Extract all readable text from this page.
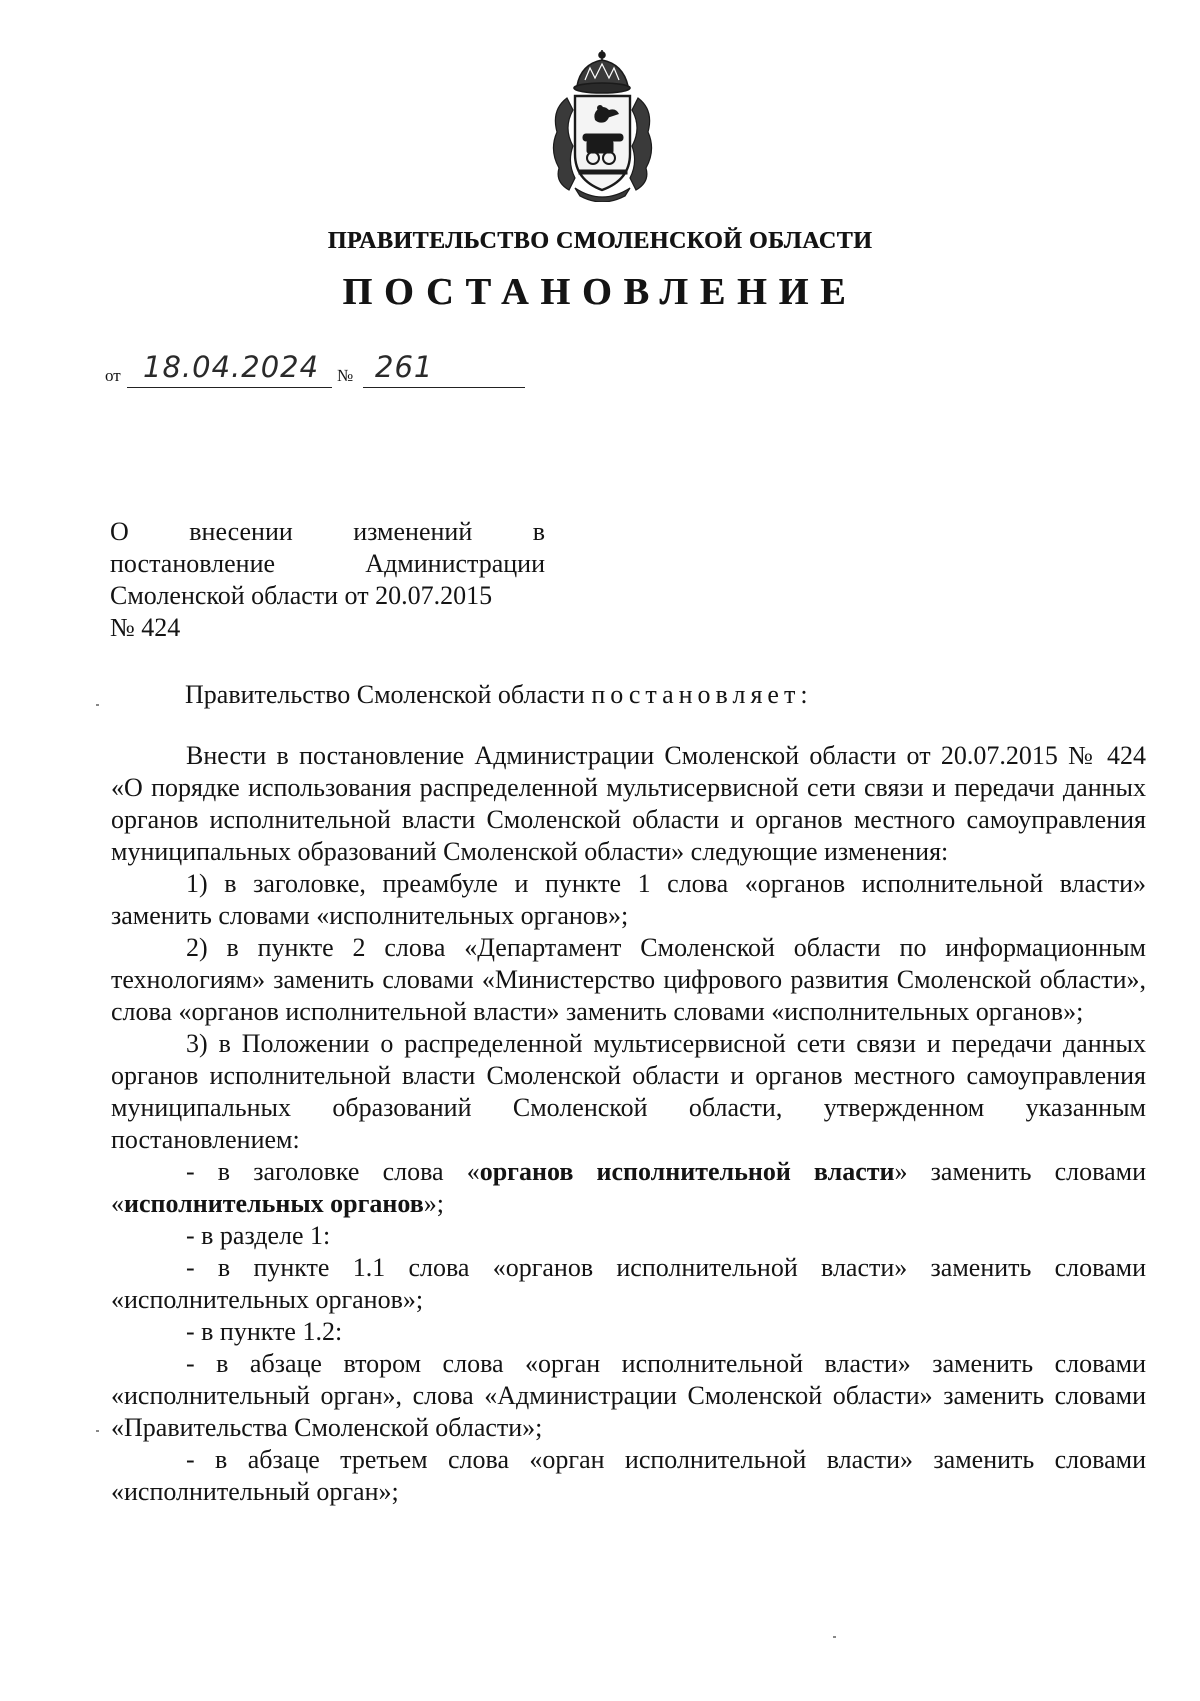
ПРАВИТЕЛЬСТВО СМОЛЕНСКОЙ ОБЛАСТИ
ПОСТАНОВЛЕНИЕ
от 18.04.2024 № 261
О внесении изменений в
постановление Администрации
Смоленской области от 20.07.2015
№ 424
Правительство Смоленской области постановляет:

Внести в постановление Администрации Смоленской области от 20.07.2015 № 424 «О порядке использования распределенной мультисервисной сети связи и передачи данных органов исполнительной власти Смоленской области и органов местного самоуправления муниципальных образований Смоленской области» следующие изменения:

1) в заголовке, преамбуле и пункте 1 слова «органов исполнительной власти» заменить словами «исполнительных органов»;

2) в пункте 2 слова «Департамент Смоленской области по информационным технологиям» заменить словами «Министерство цифрового развития Смоленской области», слова «органов исполнительной власти» заменить словами «исполнительных органов»;

3) в Положении о распределенной мультисервисной сети связи и передачи данных органов исполнительной власти Смоленской области и органов местного самоуправления муниципальных образований Смоленской области, утвержденном указанным постановлением:

- в заголовке слова «органов исполнительной власти» заменить словами «исполнительных органов»;

- в разделе 1:

- в пункте 1.1 слова «органов исполнительной власти» заменить словами «исполнительных органов»;

- в пункте 1.2:

- в абзаце втором слова «орган исполнительной власти» заменить словами «исполнительный орган», слова «Администрации Смоленской области» заменить словами «Правительства Смоленской области»;

- в абзаце третьем слова «орган исполнительной власти» заменить словами «исполнительный орган»;
